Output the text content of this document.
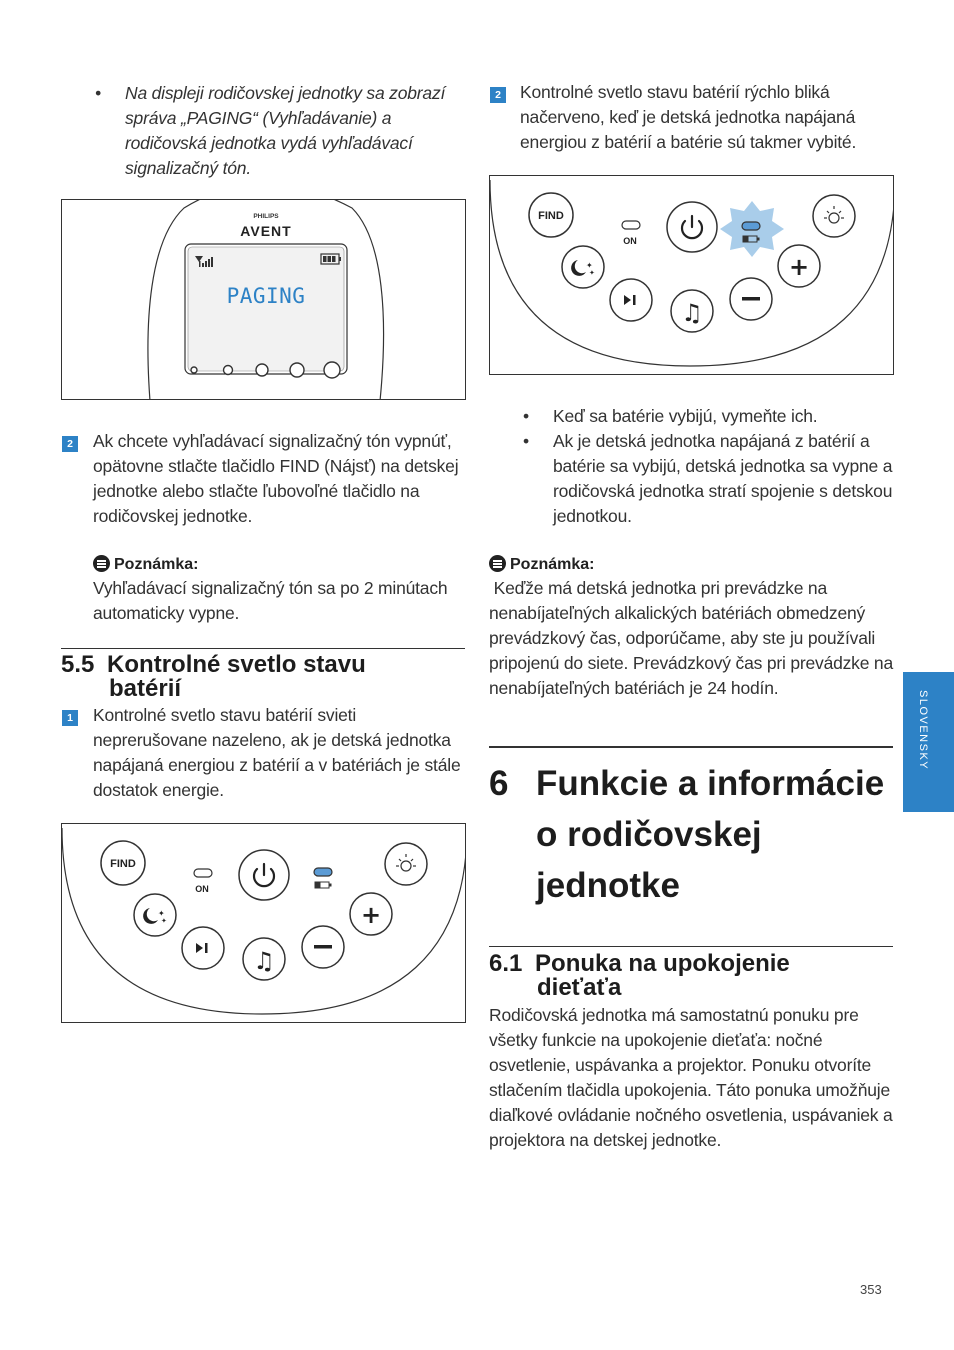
• Na displeji rodičovskej jednotky sa zobrazí správa „PAGING“ (Vyhľadávanie) a rodičovská jednotka vydá vyhľadávací signalizačný tón.
PHILIPS
AVENT
PAGING
2 Ak chcete vyhľadávací signalizačný tón vypnúť, opätovne stlačte tlačidlo FIND (Nájsť) na detskej jednotke alebo stlačte ľubovoľné tlačidlo na rodičovskej jednotke.
Poznámka:
Vyhľadávací signalizačný tón sa po 2 minútach automaticky vypne.
5.5 Kontrolné svetlo stavu
batérií
1 Kontrolné svetlo stavu batérií svieti neprerušovane nazeleno, ak je detská jednotka napájaná energiou z batérií a v batériách je stále dostatok energie.
FIND
ON
✦
✦	+
♫
2 Kontrolné svetlo stavu batérií rýchlo bliká načerveno, keď je detská jednotka napájaná energiou z batérií a batérie sú takmer vybité.
FIND
ON
✦
✦	+
♫
• Keď sa batérie vybijú, vymeňte ich.
• Ak je detská jednotka napájaná z batérií a batérie sa vybijú, detská jednotka sa vypne a rodičovská jednotka stratí spojenie s detskou jednotkou.
Poznámka:
Keďže má detská jednotka pri prevádzke na nenabíjateľných alkalických batériách obmedzený prevádzkový čas, odporúčame, aby ste ju používali pripojenú do siete. Prevádzkový čas pri prevádzke na nenabíjateľných batériách je 24 hodín.
6 Funkcie a informácie
o rodičovskej
jednotke
6.1 Ponuka na upokojenie
dieťaťa
Rodičovská jednotka má samostatnú ponuku pre všetky funkcie na upokojenie dieťaťa: nočné osvetlenie, uspávanka a projektor. Ponuku otvoríte stlačením tlačidla upokojenia. Táto ponuka umožňuje diaľkové ovládanie nočného osvetlenia, uspávaniek a projektora na detskej jednotke.
SLOVENSKY
353
